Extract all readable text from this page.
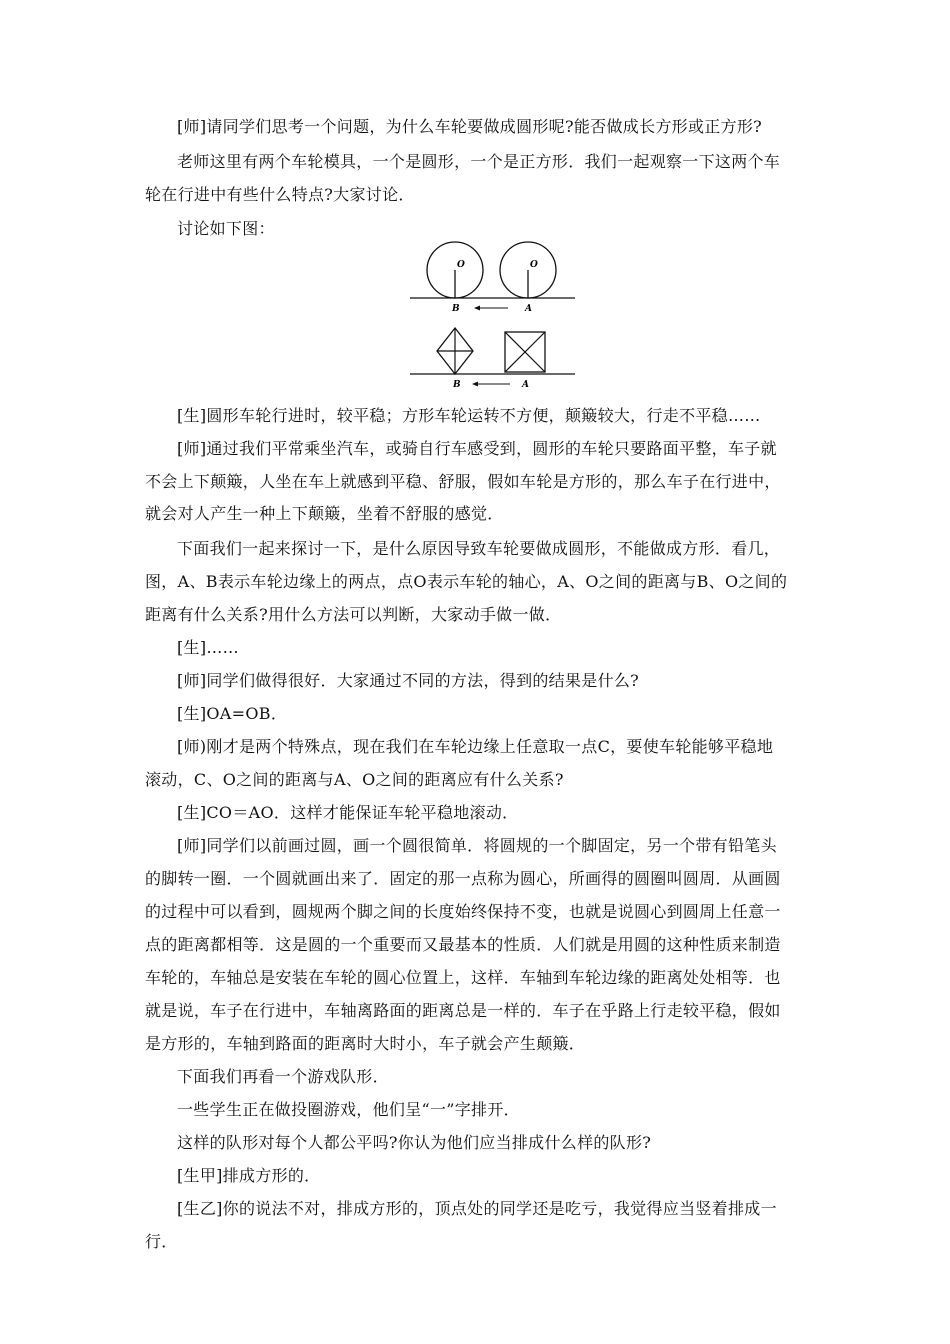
[师]请同学们思考一个问题，为什么车轮要做成圆形呢?能否做成长方形或正方形?
老师这里有两个车轮模具，一个是圆形，一个是正方形．我们一起观察一下这两个车
轮在行进中有些什么特点?大家讨论．
讨论如下图：
O	O
B	A
B	A
[生]圆形车轮行进时，较平稳；方形车轮运转不方便，颠簸较大，行走不平稳……
[师]通过我们平常乘坐汽车，或骑自行车感受到，圆形的车轮只要路面平整，车子就
不会上下颠簸，人坐在车上就感到平稳、舒服，假如车轮是方形的，那么车子在行进中，
就会对人产生一种上下颠簸，坐着不舒服的感觉．
下面我们一起来探讨一下，是什么原因导致车轮要做成圆形，不能做成方形．看几，
图，A、B表示车轮边缘上的两点，点O表示车轮的轴心，A、O之间的距离与B、O之间的
距离有什么关系?用什么方法可以判断，大家动手做一做．
[生]……
[师]同学们做得很好．大家通过不同的方法，得到的结果是什么?
[生]OA=OB．
[师)刚才是两个特殊点，现在我们在车轮边缘上任意取一点C，要使车轮能够平稳地
滚动，C、O之间的距离与A、O之间的距离应有什么关系?
[生]CO＝AO．这样才能保证车轮平稳地滚动．
[师]同学们以前画过圆，画一个圆很简单．将圆规的一个脚固定，另一个带有铅笔头
的脚转一圈．一个圆就画出来了．固定的那一点称为圆心，所画得的圆圈叫圆周．从画圆
的过程中可以看到，圆规两个脚之间的长度始终保持不变，也就是说圆心到圆周上任意一
点的距离都相等．这是圆的一个重要而又最基本的性质．人们就是用圆的这种性质来制造
车轮的，车轴总是安装在车轮的圆心位置上，这样．车轴到车轮边缘的距离处处相等．也
就是说，车子在行进中，车轴离路面的距离总是一样的．车子在乎路上行走较平稳，假如
是方形的，车轴到路面的距离时大时小，车子就会产生颠簸．
下面我们再看一个游戏队形．
一些学生正在做投圈游戏，他们呈“一”字排开．
这样的队形对每个人都公平吗?你认为他们应当排成什么样的队形?
[生甲]排成方形的．
[生乙]你的说法不对，排成方形的，顶点处的同学还是吃亏，我觉得应当竖着排成一
行．
